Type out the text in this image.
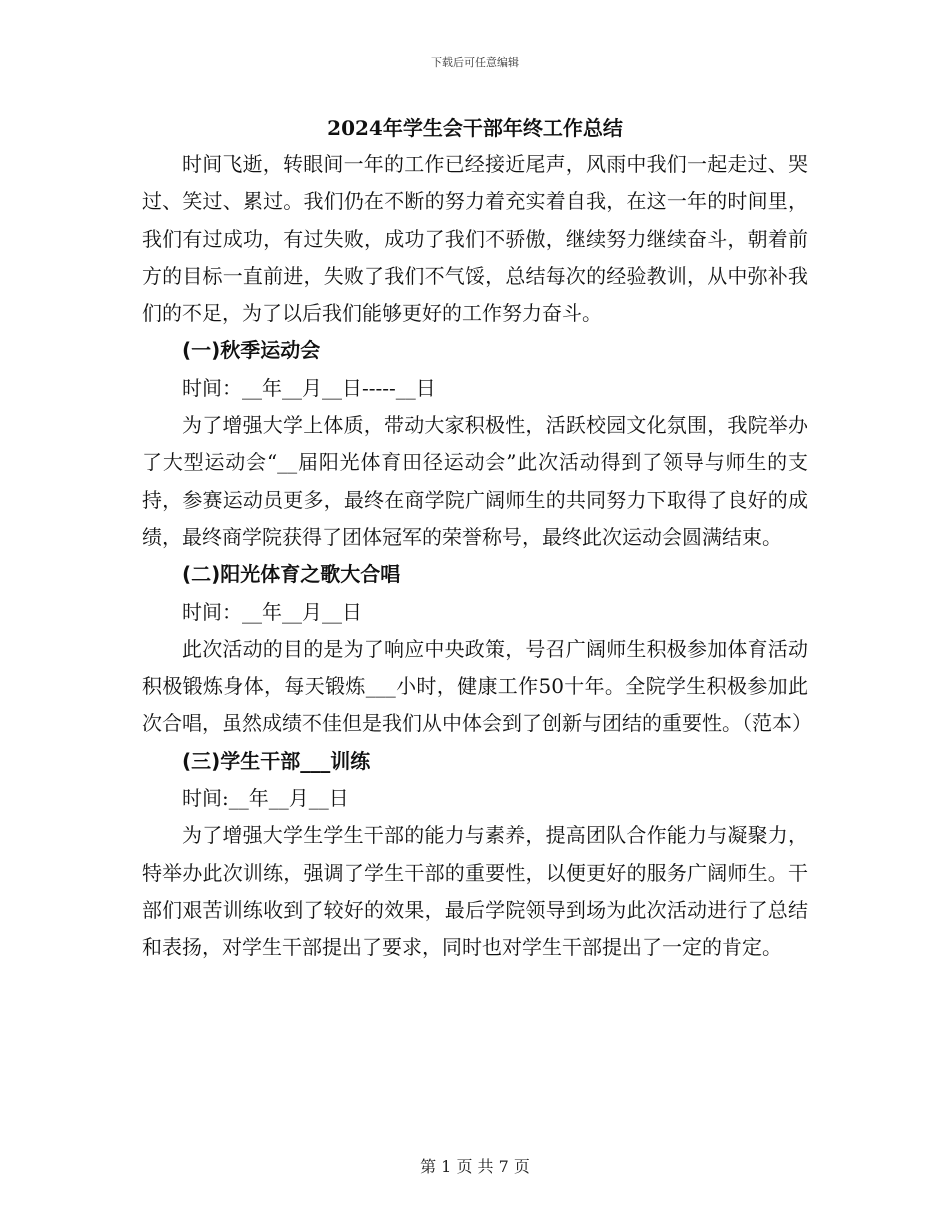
下载后可任意编辑
2024年学生会干部年终工作总结

时间飞逝，转眼间一年的工作已经接近尾声，风雨中我们一起走过、哭过、笑过、累过。我们仍在不断的努力着充实着自我，在这一年的时间里，我们有过成功，有过失败，成功了我们不骄傲，继续努力继续奋斗，朝着前方的目标一直前进，失败了我们不气馁，总结每次的经验教训，从中弥补我们的不足，为了以后我们能够更好的工作努力奋斗。

(一)秋季运动会

时间：__年__月__日-----__日

为了增强大学上体质，带动大家积极性，活跃校园文化氛围，我院举办了大型运动会“__届阳光体育田径运动会”此次活动得到了领导与师生的支持，参赛运动员更多，最终在商学院广阔师生的共同努力下取得了良好的成绩，最终商学院获得了团体冠军的荣誉称号，最终此次运动会圆满结束。

(二)阳光体育之歌大合唱

时间：__年__月__日

此次活动的目的是为了响应中央政策，号召广阔师生积极参加体育活动积极锻炼身体，每天锻炼___小时，健康工作50十年。全院学生积极参加此次合唱，虽然成绩不佳但是我们从中体会到了创新与团结的重要性。（范本）

(三)学生干部___训练

时间:__年__月__日

为了增强大学生学生干部的能力与素养，提高团队合作能力与凝聚力，特举办此次训练，强调了学生干部的重要性，以便更好的服务广阔师生。干部们艰苦训练收到了较好的效果，最后学院领导到场为此次活动进行了总结和表扬，对学生干部提出了要求，同时也对学生干部提出了一定的肯定。

第 1 页 共 7 页
